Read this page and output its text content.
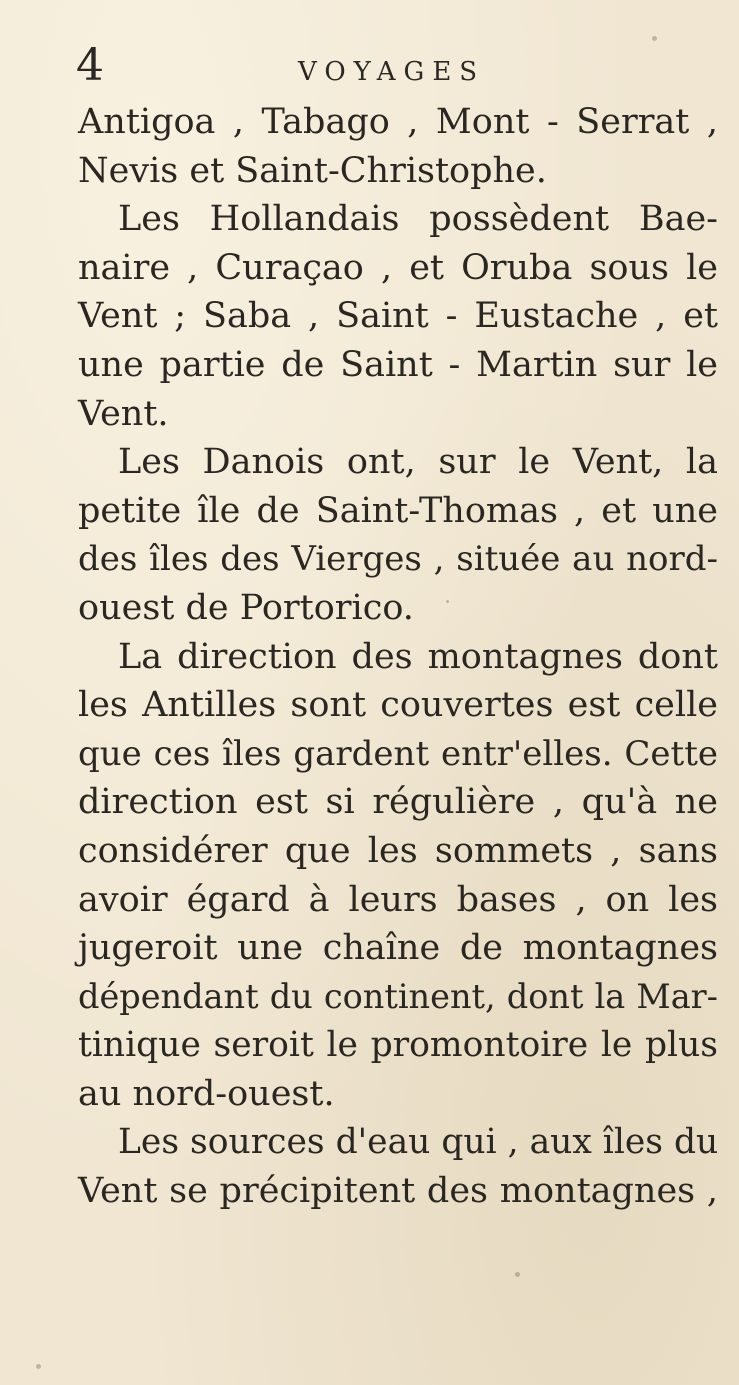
4	VOYAGES
Antigoa , Tabago , Mont - Serrat ,
Nevis et Saint-Christophe.
Les Hollandais possèdent Bae-
naire , Curaçao , et Oruba sous le
Vent ; Saba , Saint - Eustache , et
une partie de Saint - Martin sur le
Vent.
Les Danois ont, sur le Vent, la
petite île de Saint-Thomas , et une
des îles des Vierges , située au nord-
ouest de Portorico.
La direction des montagnes dont
les Antilles sont couvertes est celle
que ces îles gardent entr'elles. Cette
direction est si régulière , qu'à ne
considérer que les sommets , sans
avoir égard à leurs bases , on les
jugeroit une chaîne de montagnes
dépendant du continent, dont la Mar-
tinique seroit le promontoire le plus
au nord-ouest.
Les sources d'eau qui , aux îles du
Vent se précipitent des montagnes ,
